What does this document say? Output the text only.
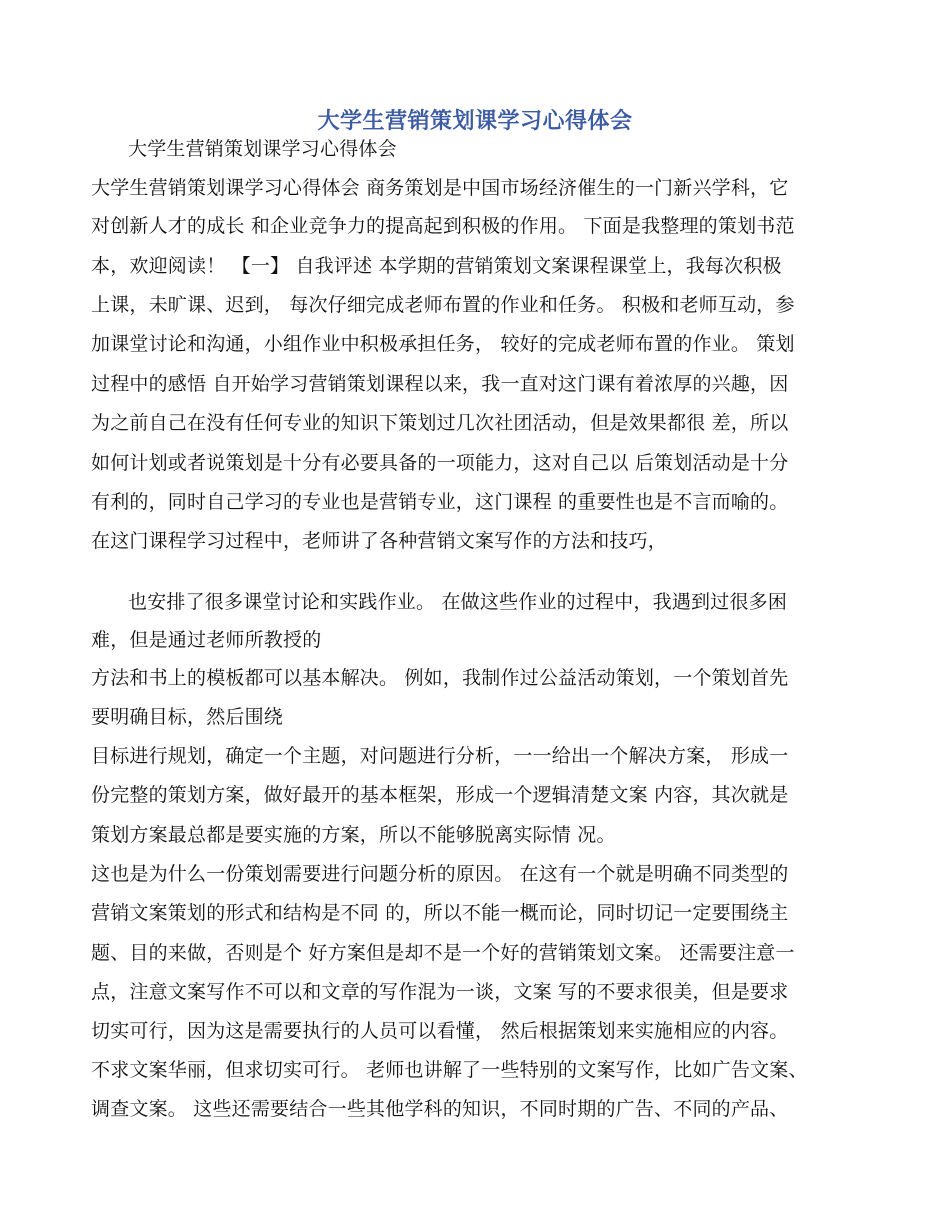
大学生营销策划课学习心得体会
大学生营销策划课学习心得体会
大学生营销策划课学习心得体会 商务策划是中国市场经济催生的一门新兴学科，它
对创新人才的成长 和企业竞争力的提高起到积极的作用。 下面是我整理的策划书范
本，欢迎阅读！ 【一】 自我评述 本学期的营销策划文案课程课堂上，我每次积极
上课，未旷课、迟到， 每次仔细完成老师布置的作业和任务。 积极和老师互动，参
加课堂讨论和沟通，小组作业中积极承担任务， 较好的完成老师布置的作业。 策划
过程中的感悟 自开始学习营销策划课程以来，我一直对这门课有着浓厚的兴趣，因
为之前自己在没有任何专业的知识下策划过几次社团活动，但是效果都很 差，所以
如何计划或者说策划是十分有必要具备的一项能力，这对自己以 后策划活动是十分
有利的，同时自己学习的专业也是营销专业，这门课程 的重要性也是不言而喻的。
在这门课程学习过程中，老师讲了各种营销文案写作的方法和技巧，
也安排了很多课堂讨论和实践作业。 在做这些作业的过程中，我遇到过很多困
难，但是通过老师所教授的
方法和书上的模板都可以基本解决。 例如，我制作过公益活动策划，一个策划首先
要明确目标，然后围绕
目标进行规划，确定一个主题，对问题进行分析，一一给出一个解决方案， 形成一
份完整的策划方案，做好最开的基本框架，形成一个逻辑清楚文案 内容，其次就是
策划方案最总都是要实施的方案，所以不能够脱离实际情 况。
这也是为什么一份策划需要进行问题分析的原因。 在这有一个就是明确不同类型的
营销文案策划的形式和结构是不同 的，所以不能一概而论，同时切记一定要围绕主
题、目的来做，否则是个 好方案但是却不是一个好的营销策划文案。 还需要注意一
点，注意文案写作不可以和文章的写作混为一谈，文案 写的不要求很美，但是要求
切实可行，因为这是需要执行的人员可以看懂， 然后根据策划来实施相应的内容。
不求文案华丽，但求切实可行。 老师也讲解了一些特别的文案写作，比如广告文案、
调查文案。 这些还需要结合一些其他学科的知识，不同时期的广告、不同的产品、
